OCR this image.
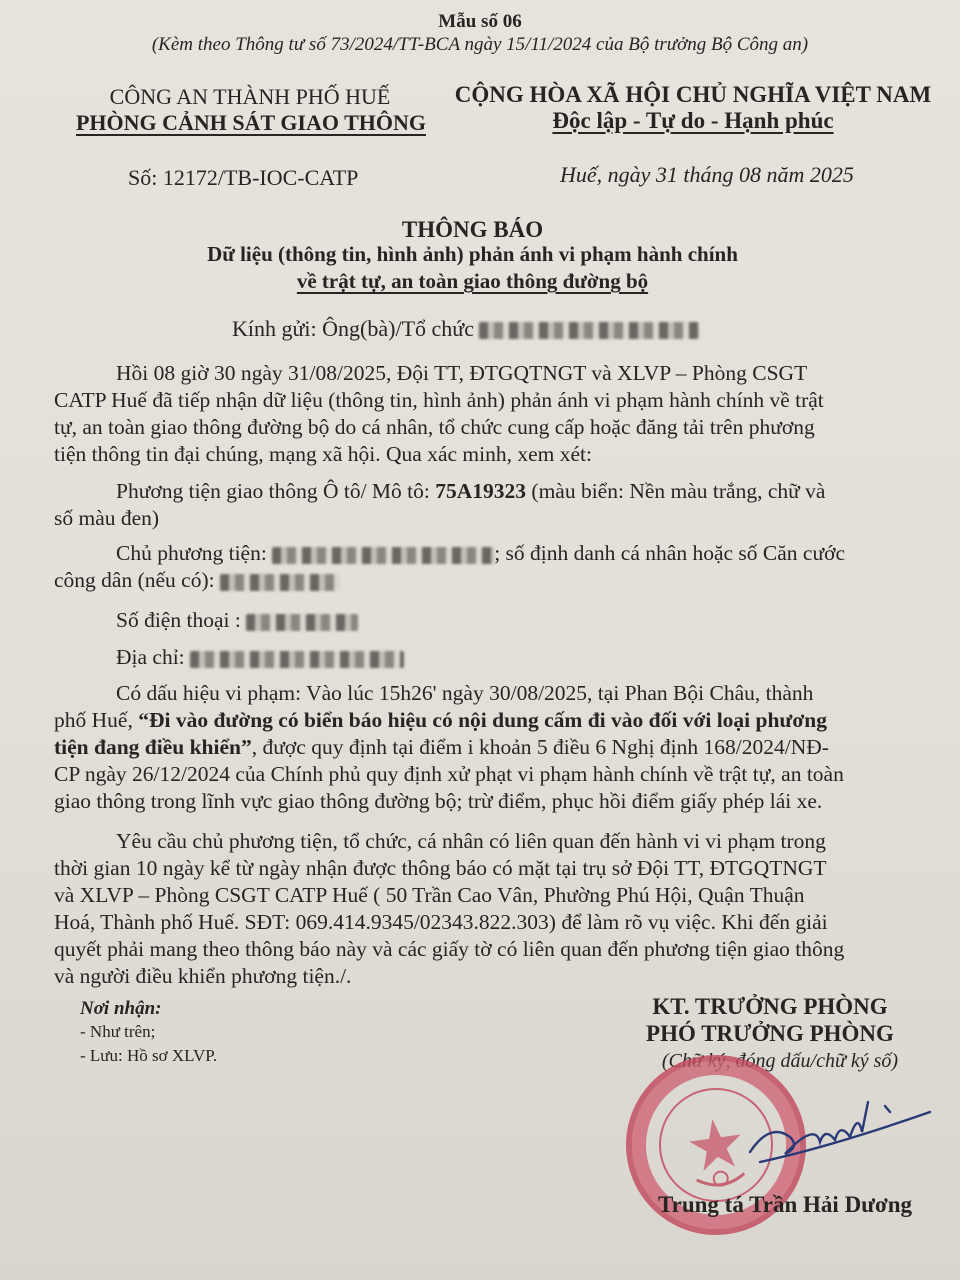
Mẫu số 06
(Kèm theo Thông tư số 73/2024/TT-BCA ngày 15/11/2024 của Bộ trưởng Bộ Công an)
CÔNG AN THÀNH PHỐ HUẾ
PHÒNG CẢNH SÁT GIAO THÔNG
CỘNG HÒA XÃ HỘI CHỦ NGHĨA VIỆT NAM
Độc lập - Tự do - Hạnh phúc
Số: 12172/TB-IOC-CATP	Huế, ngày 31 tháng 08 năm 2025
THÔNG BÁO
Dữ liệu (thông tin, hình ảnh) phản ánh vi phạm hành chính
về trật tự, an toàn giao thông đường bộ
Kính gửi: Ông(bà)/Tổ chức
Hồi 08 giờ 30 ngày 31/08/2025, Đội TT, ĐTGQTNGT và XLVP – Phòng CSGT
CATP Huế đã tiếp nhận dữ liệu (thông tin, hình ảnh) phản ánh vi phạm hành chính về trật
tự, an toàn giao thông đường bộ do cá nhân, tổ chức cung cấp hoặc đăng tải trên phương
tiện thông tin đại chúng, mạng xã hội. Qua xác minh, xem xét:
Phương tiện giao thông Ô tô/ Mô tô: 75A19323 (màu biển: Nền màu trắng, chữ và
số màu đen)
Chủ phương tiện:	; số định danh cá nhân hoặc số Căn cước
công dân (nếu có):
Số điện thoại :
Địa chỉ:
Có dấu hiệu vi phạm: Vào lúc 15h26' ngày 30/08/2025, tại Phan Bội Châu, thành
phố Huế, “Đi vào đường có biển báo hiệu có nội dung cấm đi vào đối với loại phương
tiện đang điều khiển”, được quy định tại điểm i khoản 5 điều 6 Nghị định 168/2024/NĐ-
CP ngày 26/12/2024 của Chính phủ quy định xử phạt vi phạm hành chính về trật tự, an toàn
giao thông trong lĩnh vực giao thông đường bộ; trừ điểm, phục hồi điểm giấy phép lái xe.
Yêu cầu chủ phương tiện, tổ chức, cá nhân có liên quan đến hành vi vi phạm trong
thời gian 10 ngày kể từ ngày nhận được thông báo có mặt tại trụ sở Đội TT, ĐTGQTNGT
và XLVP – Phòng CSGT CATP Huế ( 50 Trần Cao Vân, Phường Phú Hội, Quận Thuận
Hoá, Thành phố Huế. SĐT: 069.414.9345/02343.822.303) để làm rõ vụ việc. Khi đến giải
quyết phải mang theo thông báo này và các giấy tờ có liên quan đến phương tiện giao thông
và người điều khiển phương tiện./.
Nơi nhận:
- Như trên;
- Lưu: Hồ sơ XLVP.
KT. TRƯỞNG PHÒNG
PHÓ TRƯỞNG PHÒNG
(Chữ ký, đóng dấu/chữ ký số)
Trung tá Trần Hải Dương
